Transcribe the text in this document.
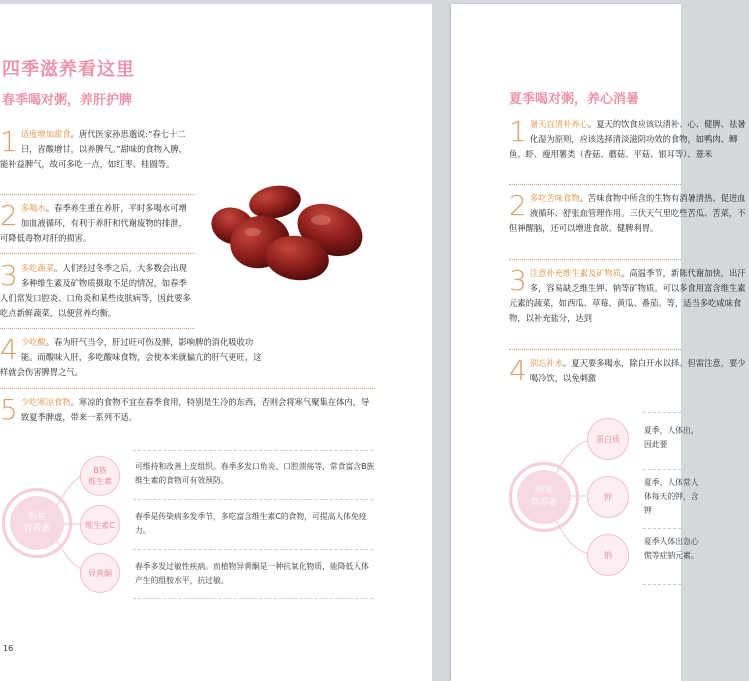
四季滋养看这里
春季喝对粥，养肝护脾
1 适度增加甜食。唐代医家孙思邈说:“春七十二日，省酸增甘，以养脾气。”甜味的食物入脾，能补益脾气，故可多吃一点，如红枣、桂圆等。
2 多喝水。春季养生重在养肝，平时多喝水可增加血液循环，有利于养肝和代谢废物的排泄，可降低毒物对肝的损害。
3 多吃蔬菜。人们经过冬季之后，大多数会出现多种维生素及矿物质摄取不足的情况，如春季人们常发口腔炎、口角炎和某些皮肤病等，因此要多吃点新鲜蔬菜，以便营养均衡。
4 少吃酸。春为肝气当令，肝过旺可伤及脾，影响脾的消化吸收功能。而酸味入肝，多吃酸味食物，会使本来就偏亢的肝气更旺，这样就会伤害脾胃之气。
5 少吃寒凉食物。寒凉的食物不宜在春季食用，特别是生冷的东西，否则会将寒气聚集在体内，导致夏季脾虚，带来一系列不适。
明星
营养素
B族
维生素
维生素C
异黄酮
可维持和改善上皮组织。春季多发口角炎、口腔溃疡等，常食富含B族维生素的食物可有效预防。
春季是传染病多发季节，多吃富含维生素C的食物，可提高人体免疫力。
春季多发过敏性疾病。而植物异黄酮是一种抗氧化物质，能降低人体产生的组胺水平，抗过敏。
16
夏季喝对粥，养心消暑
1 暑天宜清补养心。夏天的饮食应该以清补、心、健脾、祛暑化湿为原则，应该选择清淡滋阴功效的食物，如鸭肉、鲫鱼、虾、瘦用薯类（香菇、蘑菇、平菇、银耳等）、薏米
2 多吃苦味食物。苦味食物中所含的生物有消暑清热、促进血液循环、舒张血管理作用。三伏天气里吃些苦瓜、苦菜，不但神醒脑，还可以增进食欲、健脾利胃。
3 注意补充维生素及矿物质。高温季节，新陈代谢加快，出汗多，容易缺乏维生钾、钠等矿物质。可以多食用富含维生素元素的蔬菜，如西瓜、草莓、黄瓜、番茄、等，适当多吃咸味食物，以补充盐分，达到
4 别忘补水。夏天要多喝水，除白开水以择。但需注意，要少喝冷饮，以免刺激
明星
营养素
蛋白质
钾
钠
夏季，人体出，因此要
夏季，人体常人体每天的钾，含钾
夏季人体出急心慌等症钠元素。
